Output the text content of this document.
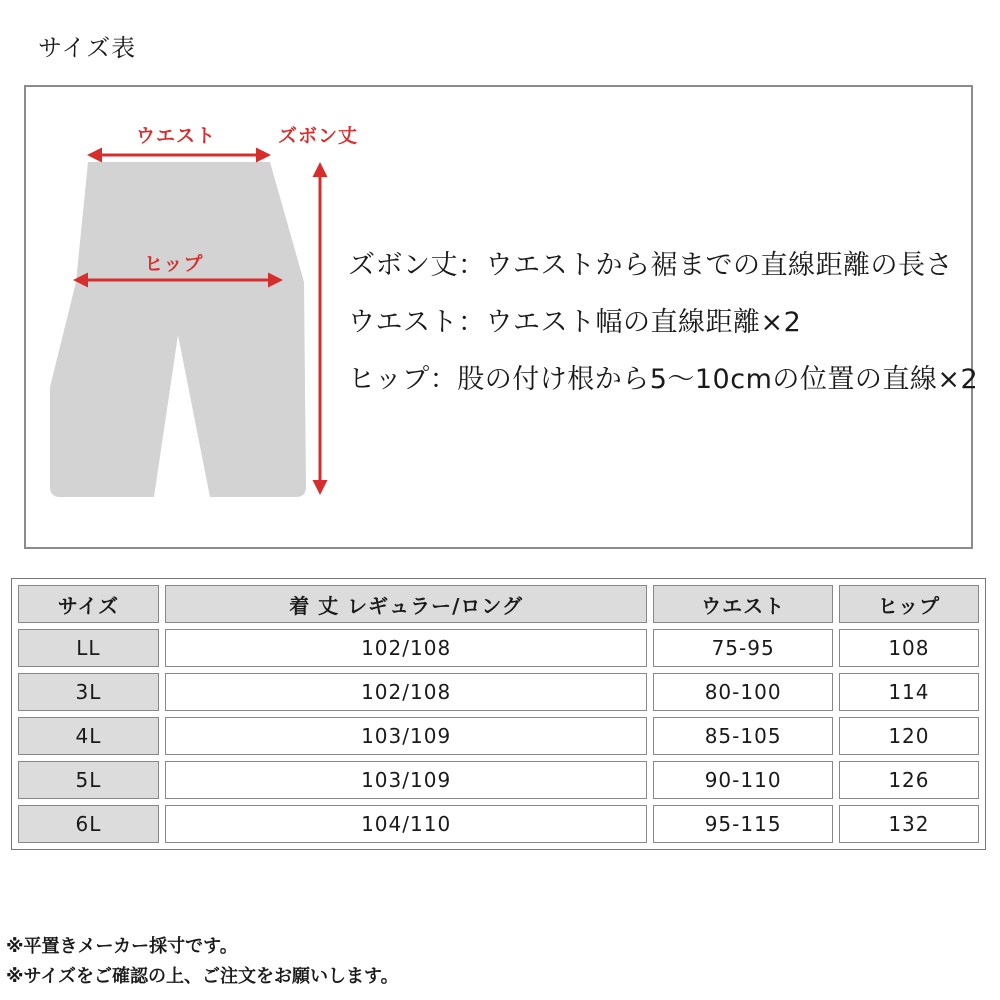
サイズ表
ウエスト
ヒップ
ズボン丈
ズボン丈：ウエストから裾までの直線距離の長さ
ウエスト：ウエスト幅の直線距離×2
ヒップ：股の付け根から5〜10cmの位置の直線×2
サイズ	着 丈 レギュラー/ロング	ウエスト	ヒップ
LL	102/108	75-95	108
3L	102/108	80-100	114
4L	103/109	85-105	120
5L	103/109	90-110	126
6L	104/110	95-115	132
※平置きメーカー採寸です。
※サイズをご確認の上、ご注文をお願いします。
